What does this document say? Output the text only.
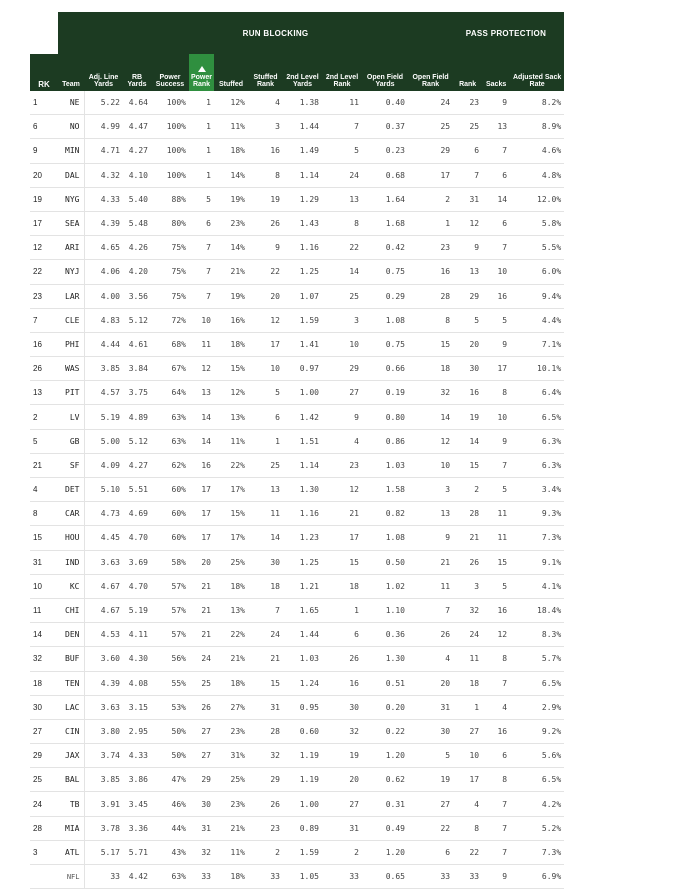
	RUN BLOCKING											PASS PROTECTION		
RK	Team	Adj. Line Yards	RB Yards	Power Success	Power Rank	Stuffed	Stuffed Rank	2nd Level Yards	2nd Level Rank	Open Field Yards	Open Field Rank	Rank	Sacks	Adjusted Sack Rate
1	NE	5.22	4.64	100%	1	12%	4	1.38	11	0.40	24	23	9	8.2%
6	NO	4.99	4.47	100%	1	11%	3	1.44	7	0.37	25	25	13	8.9%
9	MIN	4.71	4.27	100%	1	18%	16	1.49	5	0.23	29	6	7	4.6%
20	DAL	4.32	4.10	100%	1	14%	8	1.14	24	0.68	17	7	6	4.8%
19	NYG	4.33	5.40	88%	5	19%	19	1.29	13	1.64	2	31	14	12.0%
17	SEA	4.39	5.48	80%	6	23%	26	1.43	8	1.68	1	12	6	5.8%
12	ARI	4.65	4.26	75%	7	14%	9	1.16	22	0.42	23	9	7	5.5%
22	NYJ	4.06	4.20	75%	7	21%	22	1.25	14	0.75	16	13	10	6.0%
23	LAR	4.00	3.56	75%	7	19%	20	1.07	25	0.29	28	29	16	9.4%
7	CLE	4.83	5.12	72%	10	16%	12	1.59	3	1.08	8	5	5	4.4%
16	PHI	4.44	4.61	68%	11	18%	17	1.41	10	0.75	15	20	9	7.1%
26	WAS	3.85	3.84	67%	12	15%	10	0.97	29	0.66	18	30	17	10.1%
13	PIT	4.57	3.75	64%	13	12%	5	1.00	27	0.19	32	16	8	6.4%
2	LV	5.19	4.89	63%	14	13%	6	1.42	9	0.80	14	19	10	6.5%
5	GB	5.00	5.12	63%	14	11%	1	1.51	4	0.86	12	14	9	6.3%
21	SF	4.09	4.27	62%	16	22%	25	1.14	23	1.03	10	15	7	6.3%
4	DET	5.10	5.51	60%	17	17%	13	1.30	12	1.58	3	2	5	3.4%
8	CAR	4.73	4.69	60%	17	15%	11	1.16	21	0.82	13	28	11	9.3%
15	HOU	4.45	4.70	60%	17	17%	14	1.23	17	1.08	9	21	11	7.3%
31	IND	3.63	3.69	58%	20	25%	30	1.25	15	0.50	21	26	15	9.1%
10	KC	4.67	4.70	57%	21	18%	18	1.21	18	1.02	11	3	5	4.1%
11	CHI	4.67	5.19	57%	21	13%	7	1.65	1	1.10	7	32	16	18.4%
14	DEN	4.53	4.11	57%	21	22%	24	1.44	6	0.36	26	24	12	8.3%
32	BUF	3.60	4.30	56%	24	21%	21	1.03	26	1.30	4	11	8	5.7%
18	TEN	4.39	4.08	55%	25	18%	15	1.24	16	0.51	20	18	7	6.5%
30	LAC	3.63	3.15	53%	26	27%	31	0.95	30	0.20	31	1	4	2.9%
27	CIN	3.80	2.95	50%	27	23%	28	0.60	32	0.22	30	27	16	9.2%
29	JAX	3.74	4.33	50%	27	31%	32	1.19	19	1.20	5	10	6	5.6%
25	BAL	3.85	3.86	47%	29	25%	29	1.19	20	0.62	19	17	8	6.5%
24	TB	3.91	3.45	46%	30	23%	26	1.00	27	0.31	27	4	7	4.2%
28	MIA	3.78	3.36	44%	31	21%	23	0.89	31	0.49	22	8	7	5.2%
3	ATL	5.17	5.71	43%	32	11%	2	1.59	2	1.20	6	22	7	7.3%
	NFL	33	4.42	63%	33	18%	33	1.05	33	0.65	33	33	9	6.9%
